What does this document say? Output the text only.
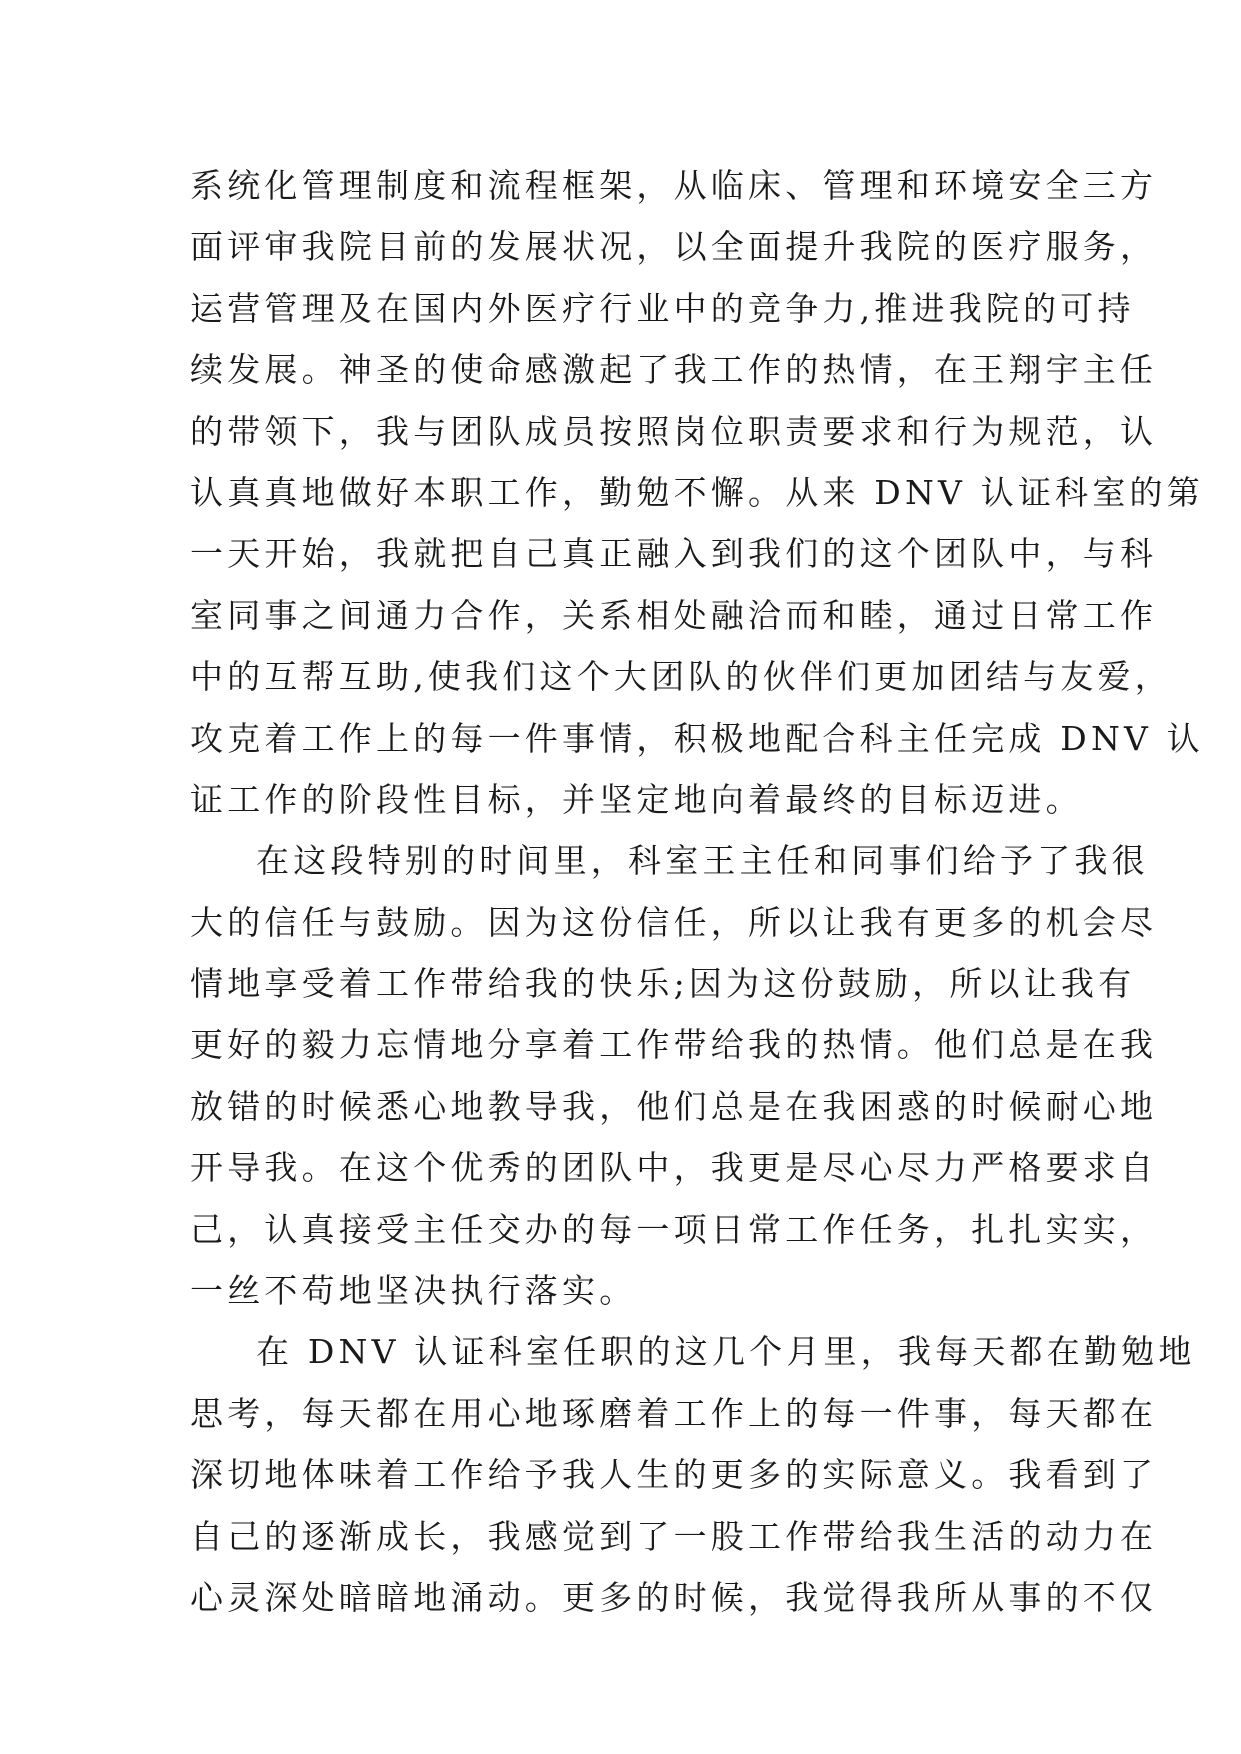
系统化管理制度和流程框架，从临床、管理和环境安全三方
面评审我院目前的发展状况，以全面提升我院的医疗服务，
运营管理及在国内外医疗行业中的竞争力,推进我院的可持
续发展。神圣的使命感激起了我工作的热情，在王翔宇主任
的带领下，我与团队成员按照岗位职责要求和行为规范，认
认真真地做好本职工作，勤勉不懈。从来 DNV 认证科室的第
一天开始，我就把自己真正融入到我们的这个团队中，与科
室同事之间通力合作，关系相处融洽而和睦，通过日常工作
中的互帮互助,使我们这个大团队的伙伴们更加团结与友爱，
攻克着工作上的每一件事情，积极地配合科主任完成 DNV 认
证工作的阶段性目标，并坚定地向着最终的目标迈进。
在这段特别的时间里，科室王主任和同事们给予了我很
大的信任与鼓励。因为这份信任，所以让我有更多的机会尽
情地享受着工作带给我的快乐;因为这份鼓励，所以让我有
更好的毅力忘情地分享着工作带给我的热情。他们总是在我
放错的时候悉心地教导我，他们总是在我困惑的时候耐心地
开导我。在这个优秀的团队中，我更是尽心尽力严格要求自
己，认真接受主任交办的每一项日常工作任务，扎扎实实，
一丝不苟地坚决执行落实。
在 DNV 认证科室任职的这几个月里，我每天都在勤勉地
思考，每天都在用心地琢磨着工作上的每一件事，每天都在
深切地体味着工作给予我人生的更多的实际意义。我看到了
自己的逐渐成长，我感觉到了一股工作带给我生活的动力在
心灵深处暗暗地涌动。更多的时候，我觉得我所从事的不仅
